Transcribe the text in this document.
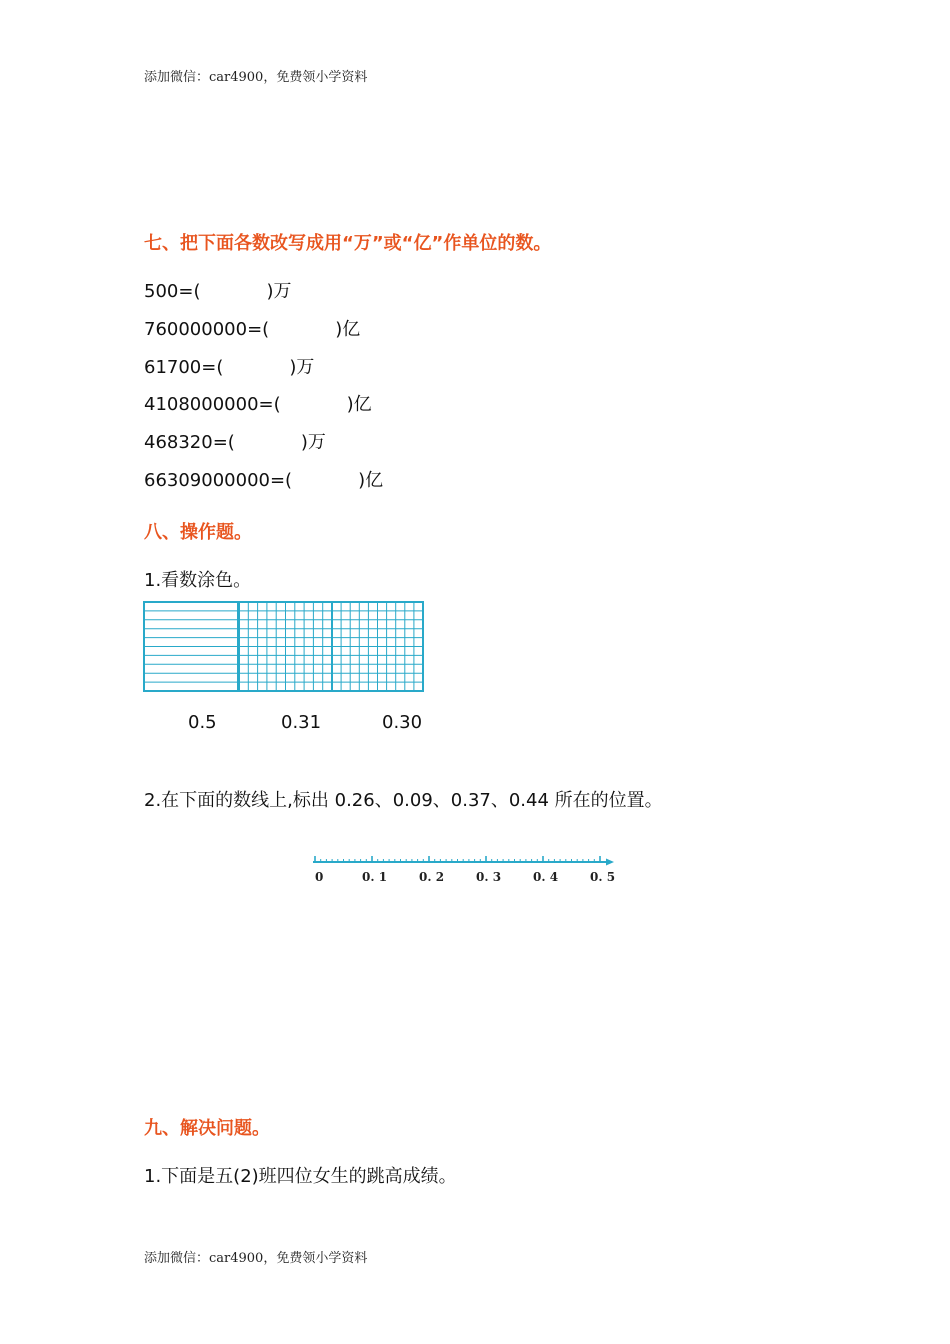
添加微信：car4900，免费领小学资料
七、把下面各数改写成用“万”或“亿”作单位的数。
500=(	)万
760000000=(	)亿
61700=(	)万
4108000000=(	)亿
468320=(	)万
66309000000=(	)亿
八、操作题。
1.看数涂色。
0.5	0.31	0.30
2.在下面的数线上,标出 0.26、0.09、0.37、0.44 所在的位置。
0	0. 1	0. 2	0. 3	0. 4	0. 5
九、解决问题。
1.下面是五(2)班四位女生的跳高成绩。
添加微信：car4900，免费领小学资料
